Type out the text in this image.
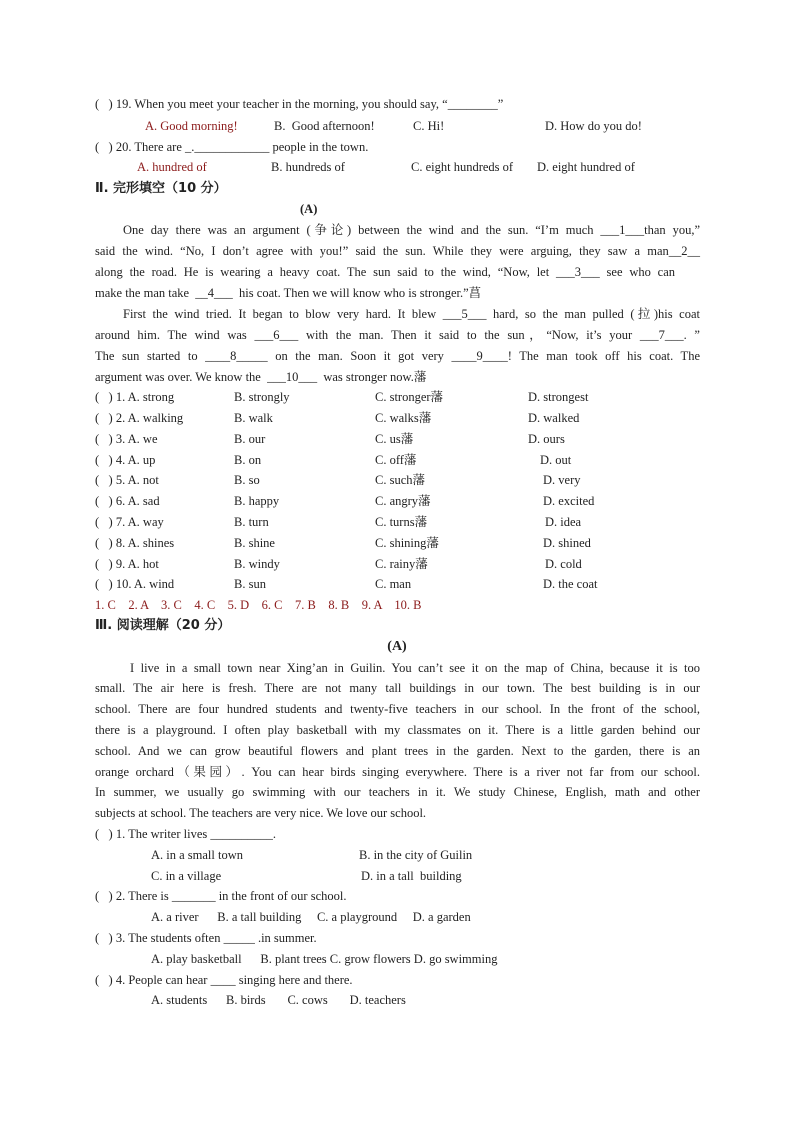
(   ) 19. When you meet your teacher in the morning, you should say, “________”
A. Good morning!	B.  Good afternoon!	C. Hi!	D. How do you do!
(   ) 20. There are _.____________ people in the town.
A. hundred of	B. hundreds of	C. eight hundreds of D. eight hundred of
Ⅱ. 完形填空（10 分）
(A)
One day there was an argument (争论) between the wind and the sun. “I’m much ___1___than you,”
said the wind. “No, I don’t agree with you!” said the sun. While they were arguing, they saw a man__2__
along the road. He is wearing a heavy coat. The sun said to the wind, “Now, let ___3___ see who can
make the man take  __4___  his coat. Then we will know who is stronger.”菖
First the wind tried. It began to blow very hard. It blew ___5___ hard, so the man pulled (拉)his coat
around him. The wind was ___6___ with the man. Then it said to the sun，“Now, it’s your ___7___. ”
The sun started to ____8_____ on the man. Soon it got very ____9____! The man took off his coat. The
argument was over. We know the  ___10___  was stronger now.藩
(   ) 1. A. strong	B. strongly	C. stronger藩	D. strongest
(   ) 2. A. walking	B. walk	C. walks藩	D. walked
(   ) 3. A. we	B. our	C. us藩	D. ours
(   ) 4. A. up	B. on	C. off藩	D. out
(   ) 5. A. not	B. so	C. such藩	D. very
(   ) 6. A. sad	B. happy	C. angry藩	D. excited
(   ) 7. A. way	B. turn	C. turns藩	D. idea
(   ) 8. A. shines	B. shine	C. shining藩	D. shined
(   ) 9. A. hot	B. windy	C. rainy藩	D. cold
(   ) 10. A. wind	B. sun	C. man	D. the coat
1. C    2. A    3. C    4. C    5. D    6. C    7. B    8. B    9. A    10. B
Ⅲ. 阅读理解（20 分）
(A)
I live in a small town near Xing’an in Guilin. You can’t see it on the map of China, because it is too
small. The air here is fresh. There are not many tall buildings in our town. The best building is in our
school. There are four hundred students and twenty-five teachers in our school. In the front of the school,
there is a playground. I often play basketball with my classmates on it. There is a little garden behind our
school. And we can grow beautiful flowers and plant trees in the garden. Next to the garden, there is an
orange orchard（果园）. You can hear birds singing everywhere. There is a river not far from our school.
In summer, we usually go swimming with our teachers in it. We study Chinese, English, math and other
subjects at school. The teachers are very nice. We love our school.
(   ) 1. The writer lives __________.
A. in a small town	B. in the city of Guilin
C. in a village	D. in a tall  building
(   ) 2. There is _______ in the front of our school.
A. a river      B. a tall building     C. a playground     D. a garden
(   ) 3. The students often _____ .in summer.
A. play basketball      B. plant trees C. grow flowers D. go swimming
(   ) 4. People can hear ____ singing here and there.
A. students      B. birds       C. cows       D. teachers
